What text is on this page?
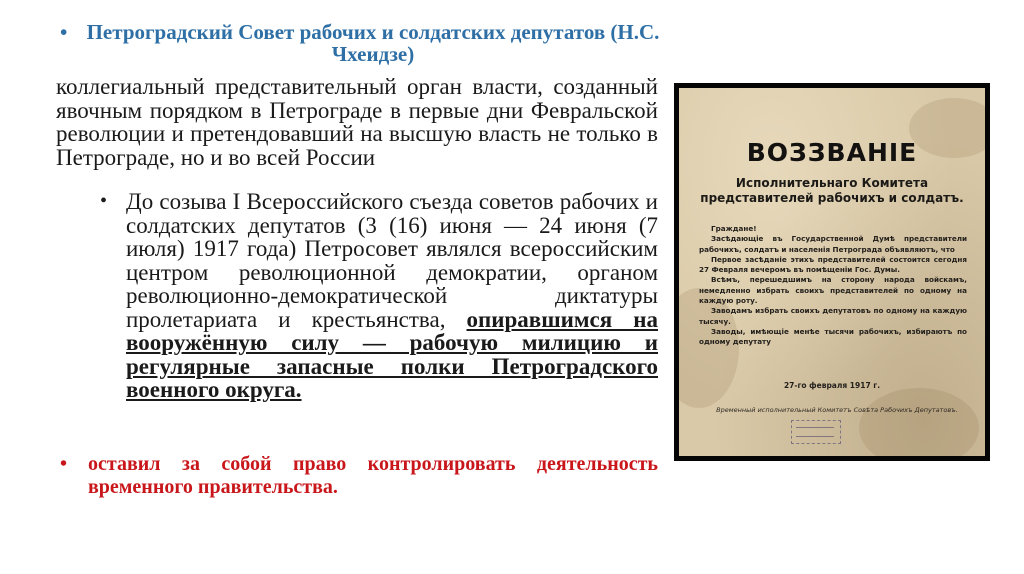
• Петроградский Совет рабочих и солдатских депутатов (Н.С. Чхеидзе)
коллегиальный представительный орган власти, созданный явочным порядком в Петрограде в первые дни Февральской революции и претендовавший на высшую власть не только в Петрограде, но и во всей России
• До созыва I Всероссийского съезда советов рабочих и солдатских депутатов (3 (16) июня — 24 июня (7 июля) 1917 года) Петросовет являлся всероссийским центром революционной демократии, органом революционно-демократической диктатуры пролетариата и крестьянства, опиравшимся на вооружённую силу — рабочую милицию и регулярные запасные полки Петроградского военного округа.
• оставил за собой право контролировать деятельность временного правительства.
ВОЗЗВАНІЕ
Исполнительнаго Комитета представителей рабочихъ и солдатъ.

Граждане!

Засѣдающіе въ Государственной Думѣ представители рабочихъ, солдатъ и населенія Петрограда объявляютъ, что

Первое засѣданіе этихъ представителей состоится сегодня 27 Февраля вечеромъ въ помѣщеніи Гос. Думы.

Всѣмъ, перешедшимъ на сторону народа войскамъ, немедленно избрать своихъ представителей по одному на каждую роту.

Заводамъ избрать своихъ депутатовъ по одному на каждую тысячу.

Заводы, имѣющіе менѣе тысячи рабочихъ, избираютъ по одному депутату

27-го февраля 1917 г.
Временный исполнительный Комитетъ Совѣта Рабочихъ Депутатовъ.
